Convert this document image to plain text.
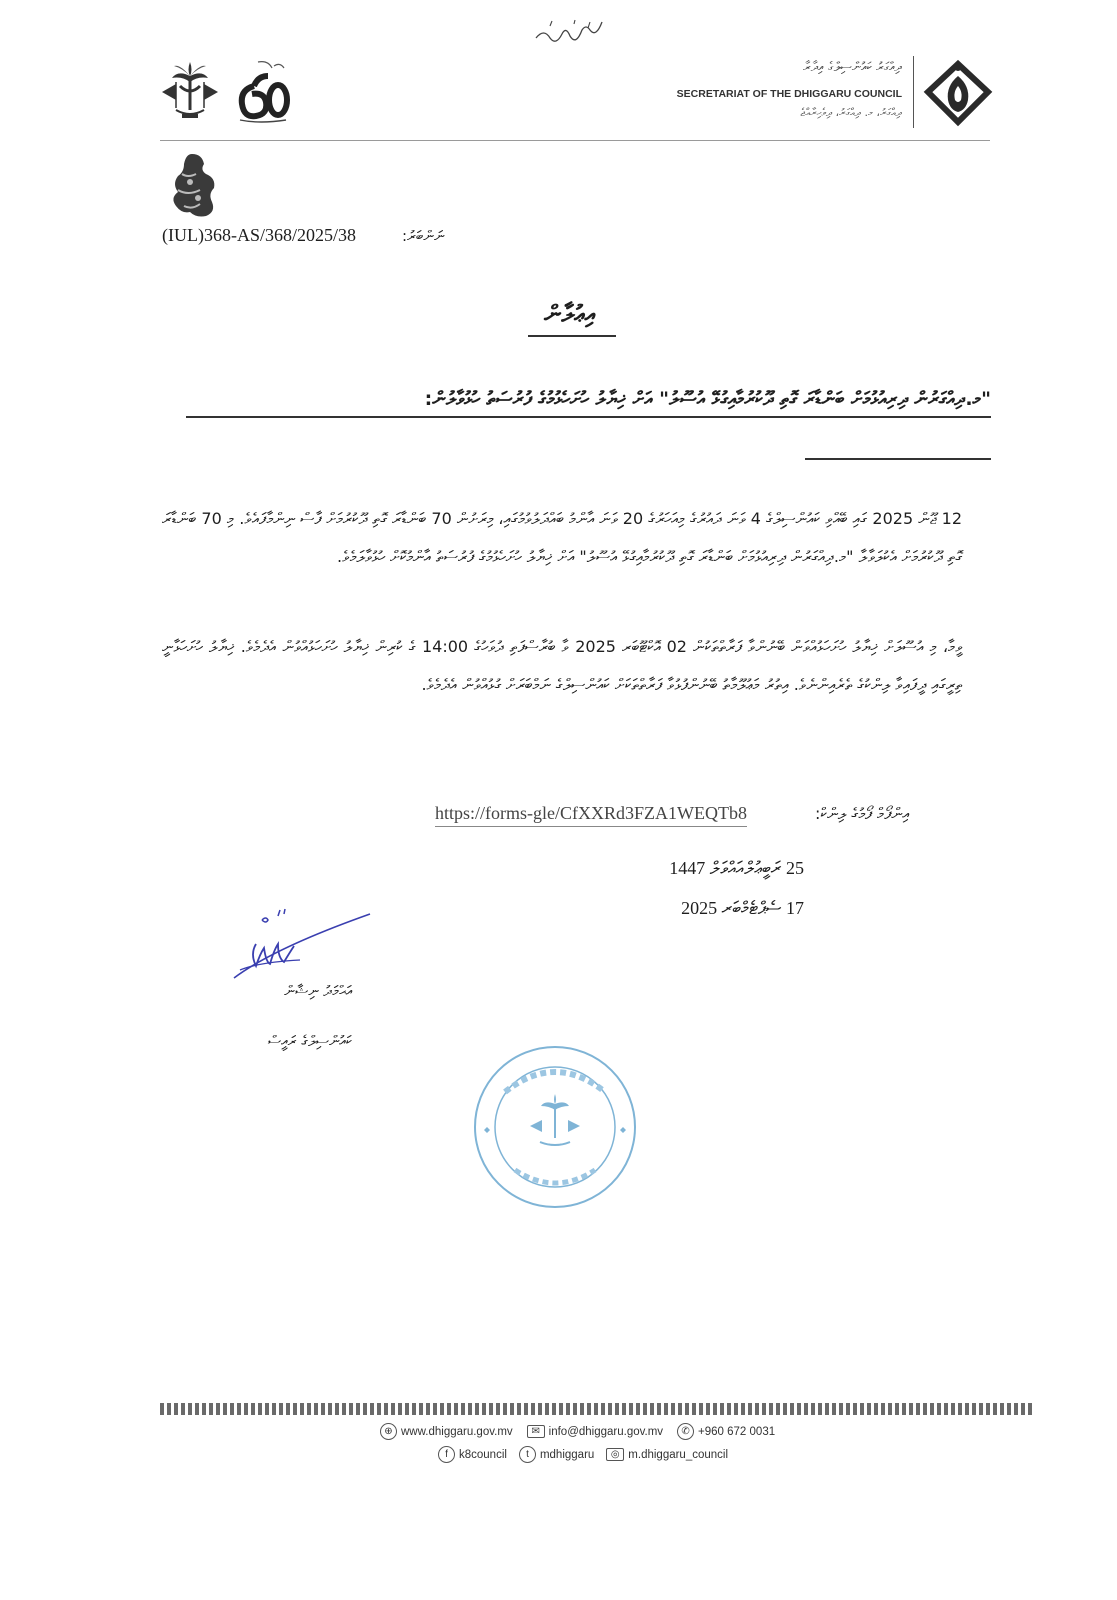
ދިއްގަރު ކައުންސިލްގެ އިދާރާ
SECRETARIAT OF THE DHIGGARU COUNCIL
ދިއްގަރު، މ. ދިއްގަރު، ދިވެހިރާއްޖެ
(IUL)368-AS/368/2025/38	ނަންބަރު:
އިޢުލާން
"މ.ދިއްގަރުން ދިރިއުޅުމަށް ބަންޑާރަ ގޮތި ދޫކުރުމާއިގުޅޭ އުސޫލު" އަށް ޚިޔާލު ހުށަހެޅުމުގެ ފުރުސަތު ހުޅުވާލުން:
12 ޖޫން 2025 ގައި ބޭއްވި ކައުންސިލްގެ 4 ވަނަ ދައުރުގެ މިއަހަރުގެ 20 ވަނަ އާންމު ބައްދަލުވުމުގައި، މިރަށުން 70 ބަންޑާރަ ގޮތި ދޫކުރުމަށް ފާސް ނިންމާފައެވެ. މި 70 ބަންޑާރަ ގޮތި ދޫކުރުމަށް އެކުލަވާލާ "މ.ދިއްގަރުން ދިރިއުޅުމަށް ބަންޑާރަ ގޮތި ދޫކުރުމާއިގުޅޭ އުސޫލު" އަށް ޚިޔާލު ހުށަހެޅުމުގެ ފުރުސަތު އާންމުކޮށް ހުޅުވާލަމެވެ.
ވީމާ، މި އުސޫލަށް ޚިޔާލު ހުށަހަޅުއްވަން ބޭނުންވާ ފަރާތްތަކުން 02 އޮކްޓޫބަރ 2025 ވާ ބުރާސްފަތި ދުވަހުގެ 14:00 ގެ ކުރިން ޚިޔާލު ހުށަހަޅުއްވުން އެދެމެވެ. ޚިޔާލު ހުށަހަޅާނީ ތިރީގައި ދީފައިވާ ލިންކުގެ ތެރެއިންނެވެ. އިތުރު މަޢުލޫމާތު ބޭނުންފުޅުވާ ފަރާތްތަކަށް ކައުންސިލްގެ ނަމްބަރަށް ގުޅުއްވުން އެދެމެވެ.
އިންފޯމް ފޯމުގެ ލިންކް:
https://forms-gle/CfXXRd3FZA1WEQTb8
25 ރަބީޢުލްއައްވަލް 1447
17 ސެޕްޓެމްބަރ 2025
އަޙްމަދު ނިޝާން
ކައުންސިލްގެ ރައީސް
⊕ www.dhiggaru.gov.mv	✉ info@dhiggaru.gov.mv	✆ +960 672 0031
f k8council	t mdhiggaru	◎ m.dhiggaru_council
